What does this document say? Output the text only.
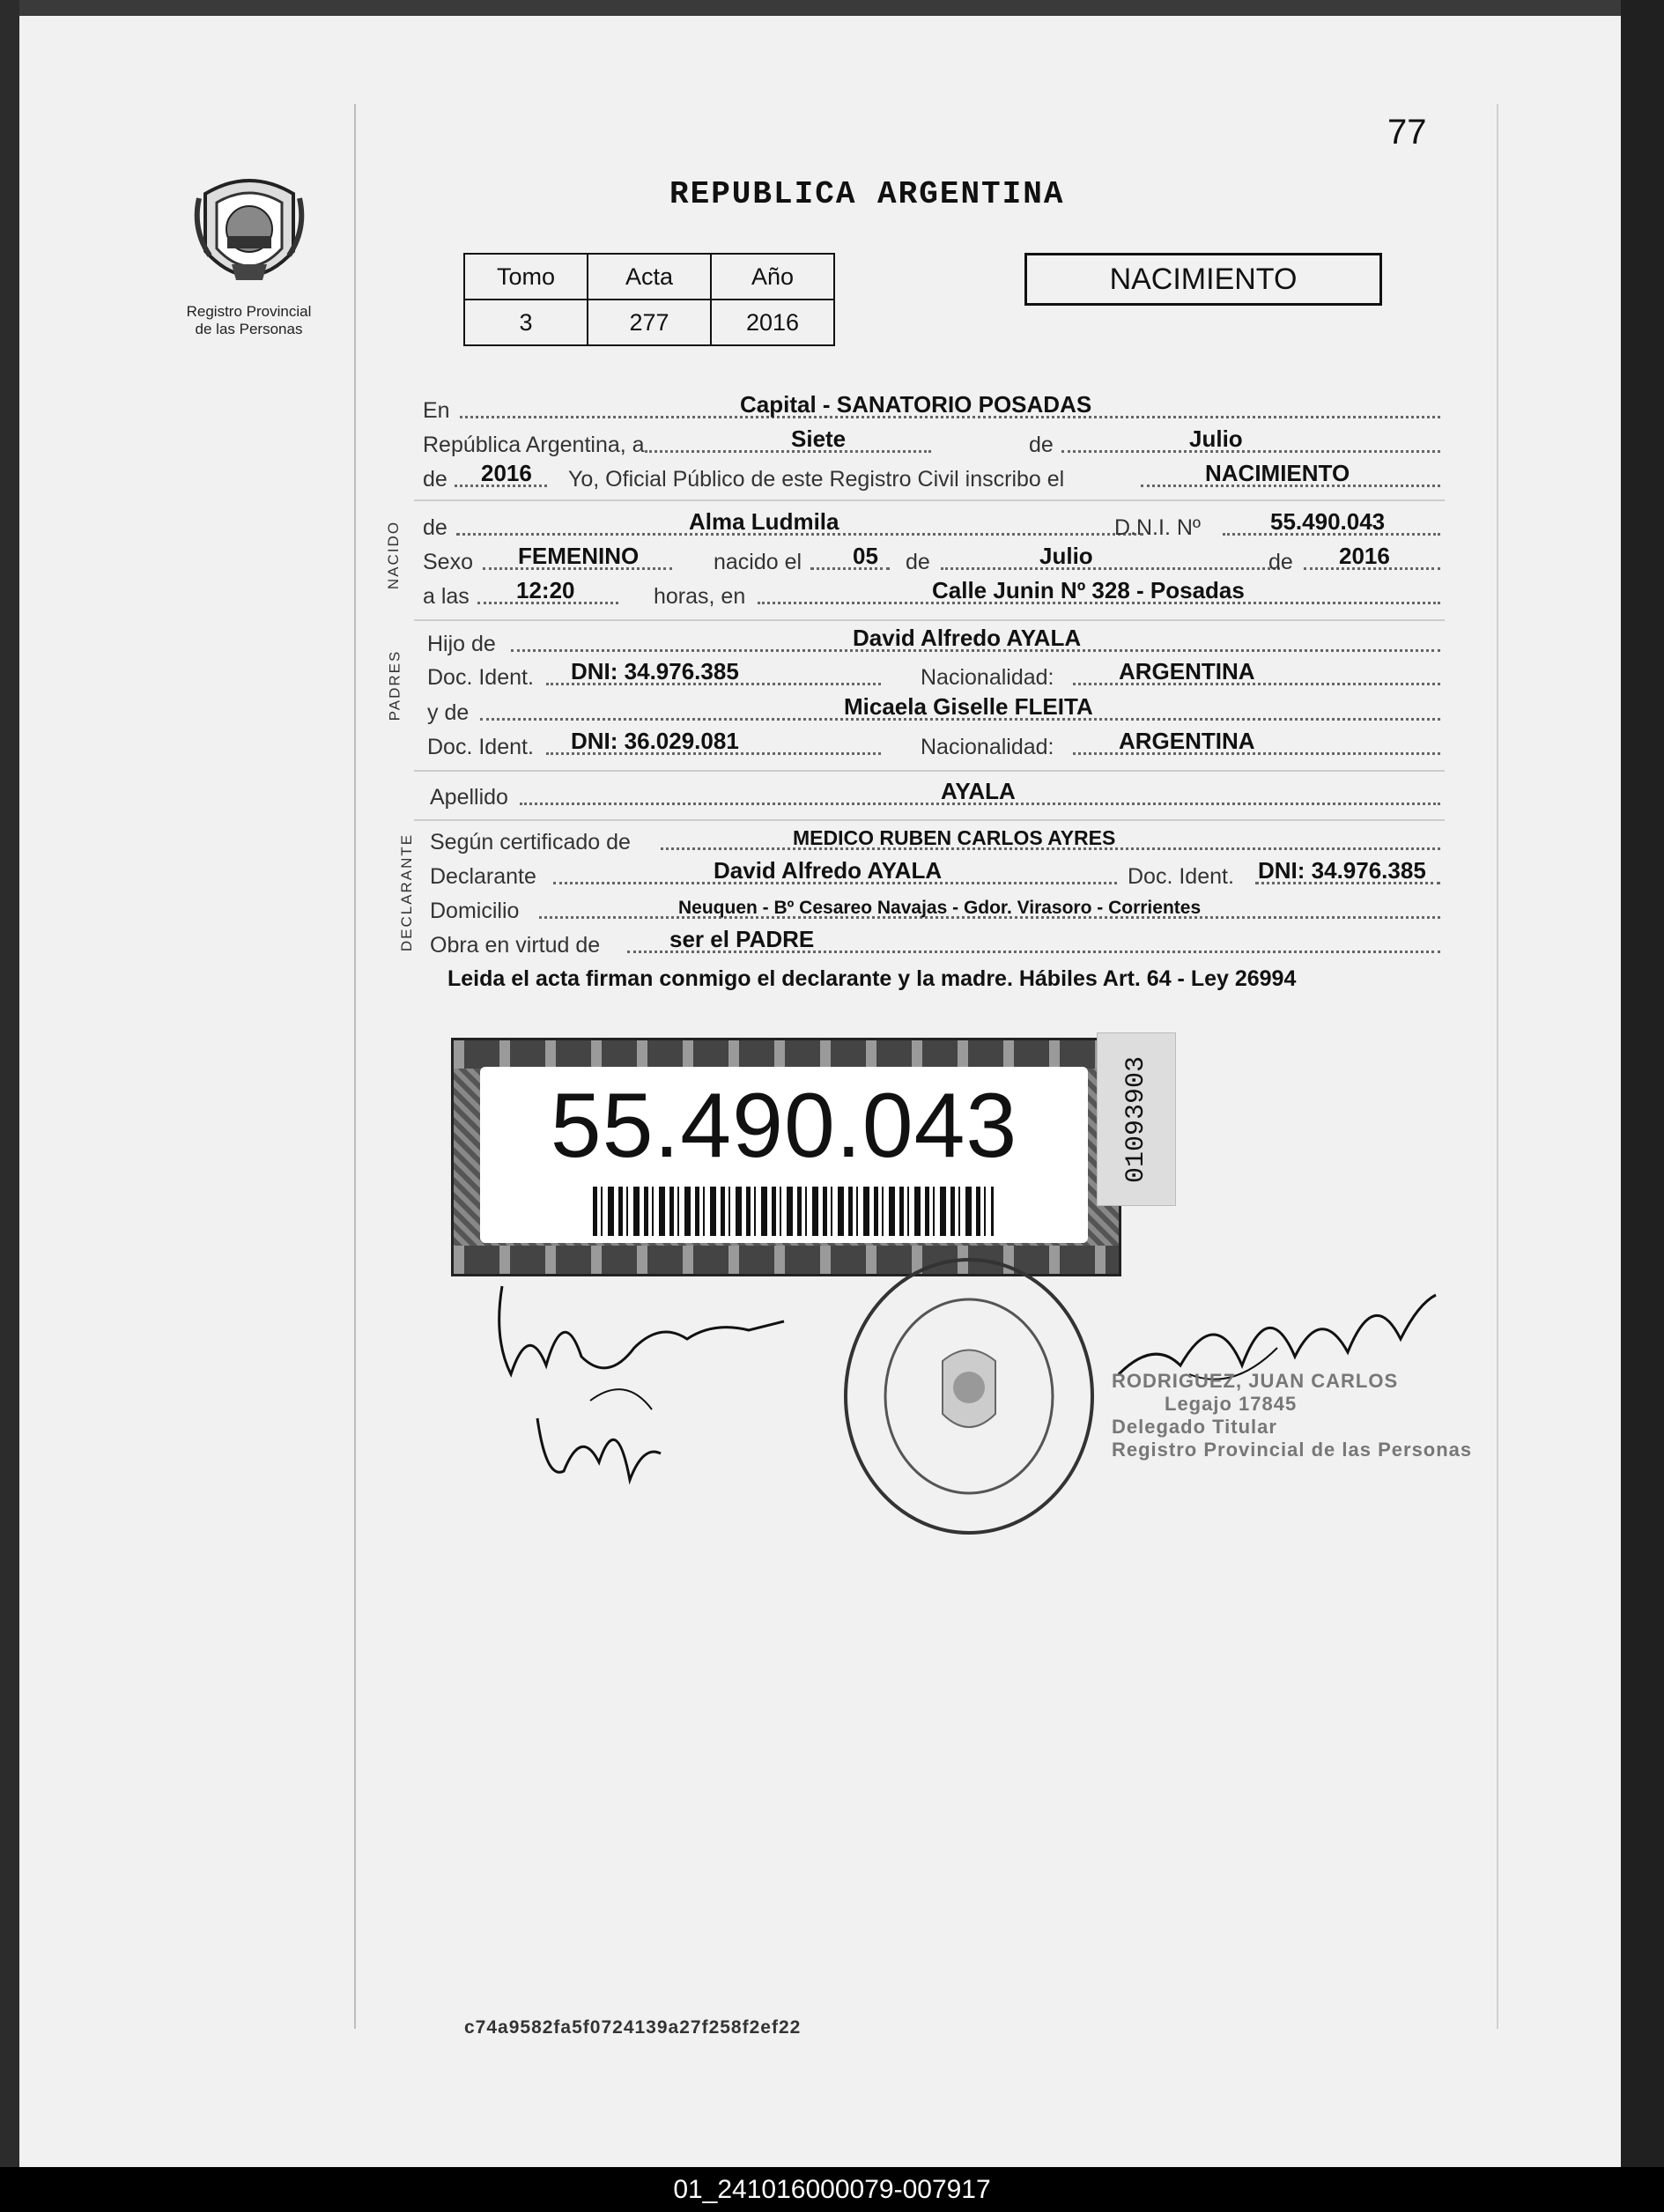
77
REPUBLICA ARGENTINA
Registro Provincial
de las Personas
Tomo	Acta	Año
3	277	2016
NACIMIENTO
En	Capital - SANATORIO POSADAS
República Argentina, a	Siete	de	Julio
de 2016 Yo, Oficial Público de este Registro Civil inscribo el	NACIMIENTO
NACIDO de	Alma Ludmila	D.N.I. Nº	55.490.043
Sexo FEMENINO	nacido el 05 de	Julio	de 2016
a las 12:20	horas, en	Calle Junin Nº 328 - Posadas
PADRES
Hijo de	David Alfredo AYALA
Doc. Ident. DNI: 34.976.385	Nacionalidad:	ARGENTINA
y de	Micaela Giselle FLEITA
Doc. Ident. DNI: 36.029.081	Nacionalidad:	ARGENTINA
Apellido	AYALA
DECLARANTE Según certificado de	MEDICO RUBEN CARLOS AYRES
Declarante	David Alfredo AYALA	Doc. Ident. DNI: 34.976.385
Domicilio	Neuquen - Bº Cesareo Navajas - Gdor. Virasoro - Corrientes
Obra en virtud de	ser el PADRE
Leida el acta firman conmigo el declarante y la madre. Hábiles Art. 64 - Ley 26994
55.490.043	01093903
RODRIGUEZ, JUAN CARLOS
Legajo 17845
Delegado Titular
Registro Provincial de las Personas
c74a9582fa5f0724139a27f258f2ef22
01_241016000079-007917
